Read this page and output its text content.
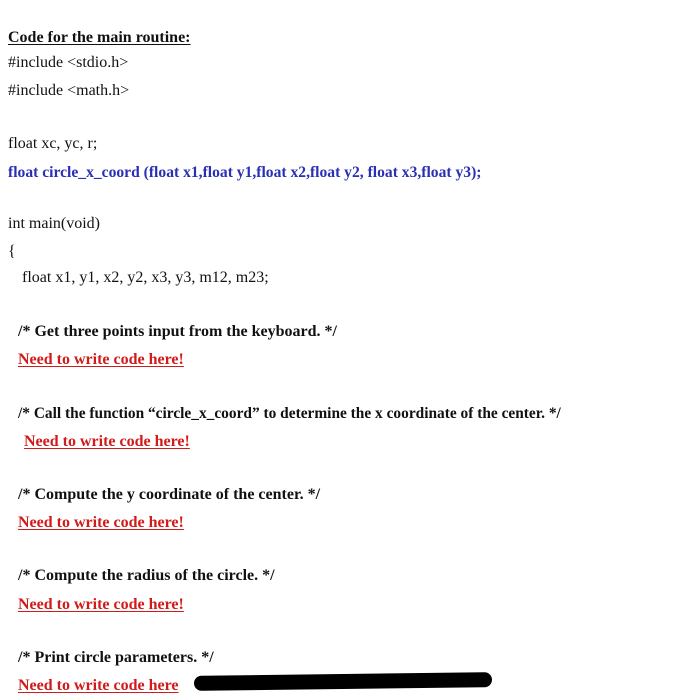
Code for the main routine:
#include <stdio.h>
#include <math.h>
float xc, yc, r;
float circle_x_coord (float x1,float y1,float x2,float y2, float x3,float y3);
int main(void)
{
float x1, y1, x2, y2, x3, y3, m12, m23;
/* Get three points input from the keyboard. */
Need to write code here!
/* Call the function “circle_x_coord” to determine the x coordinate of the center. */
Need to write code here!
/* Compute the y coordinate of the center. */
Need to write code here!
/* Compute the radius of the circle. */
Need to write code here!
/* Print circle parameters. */
Need to write code here
